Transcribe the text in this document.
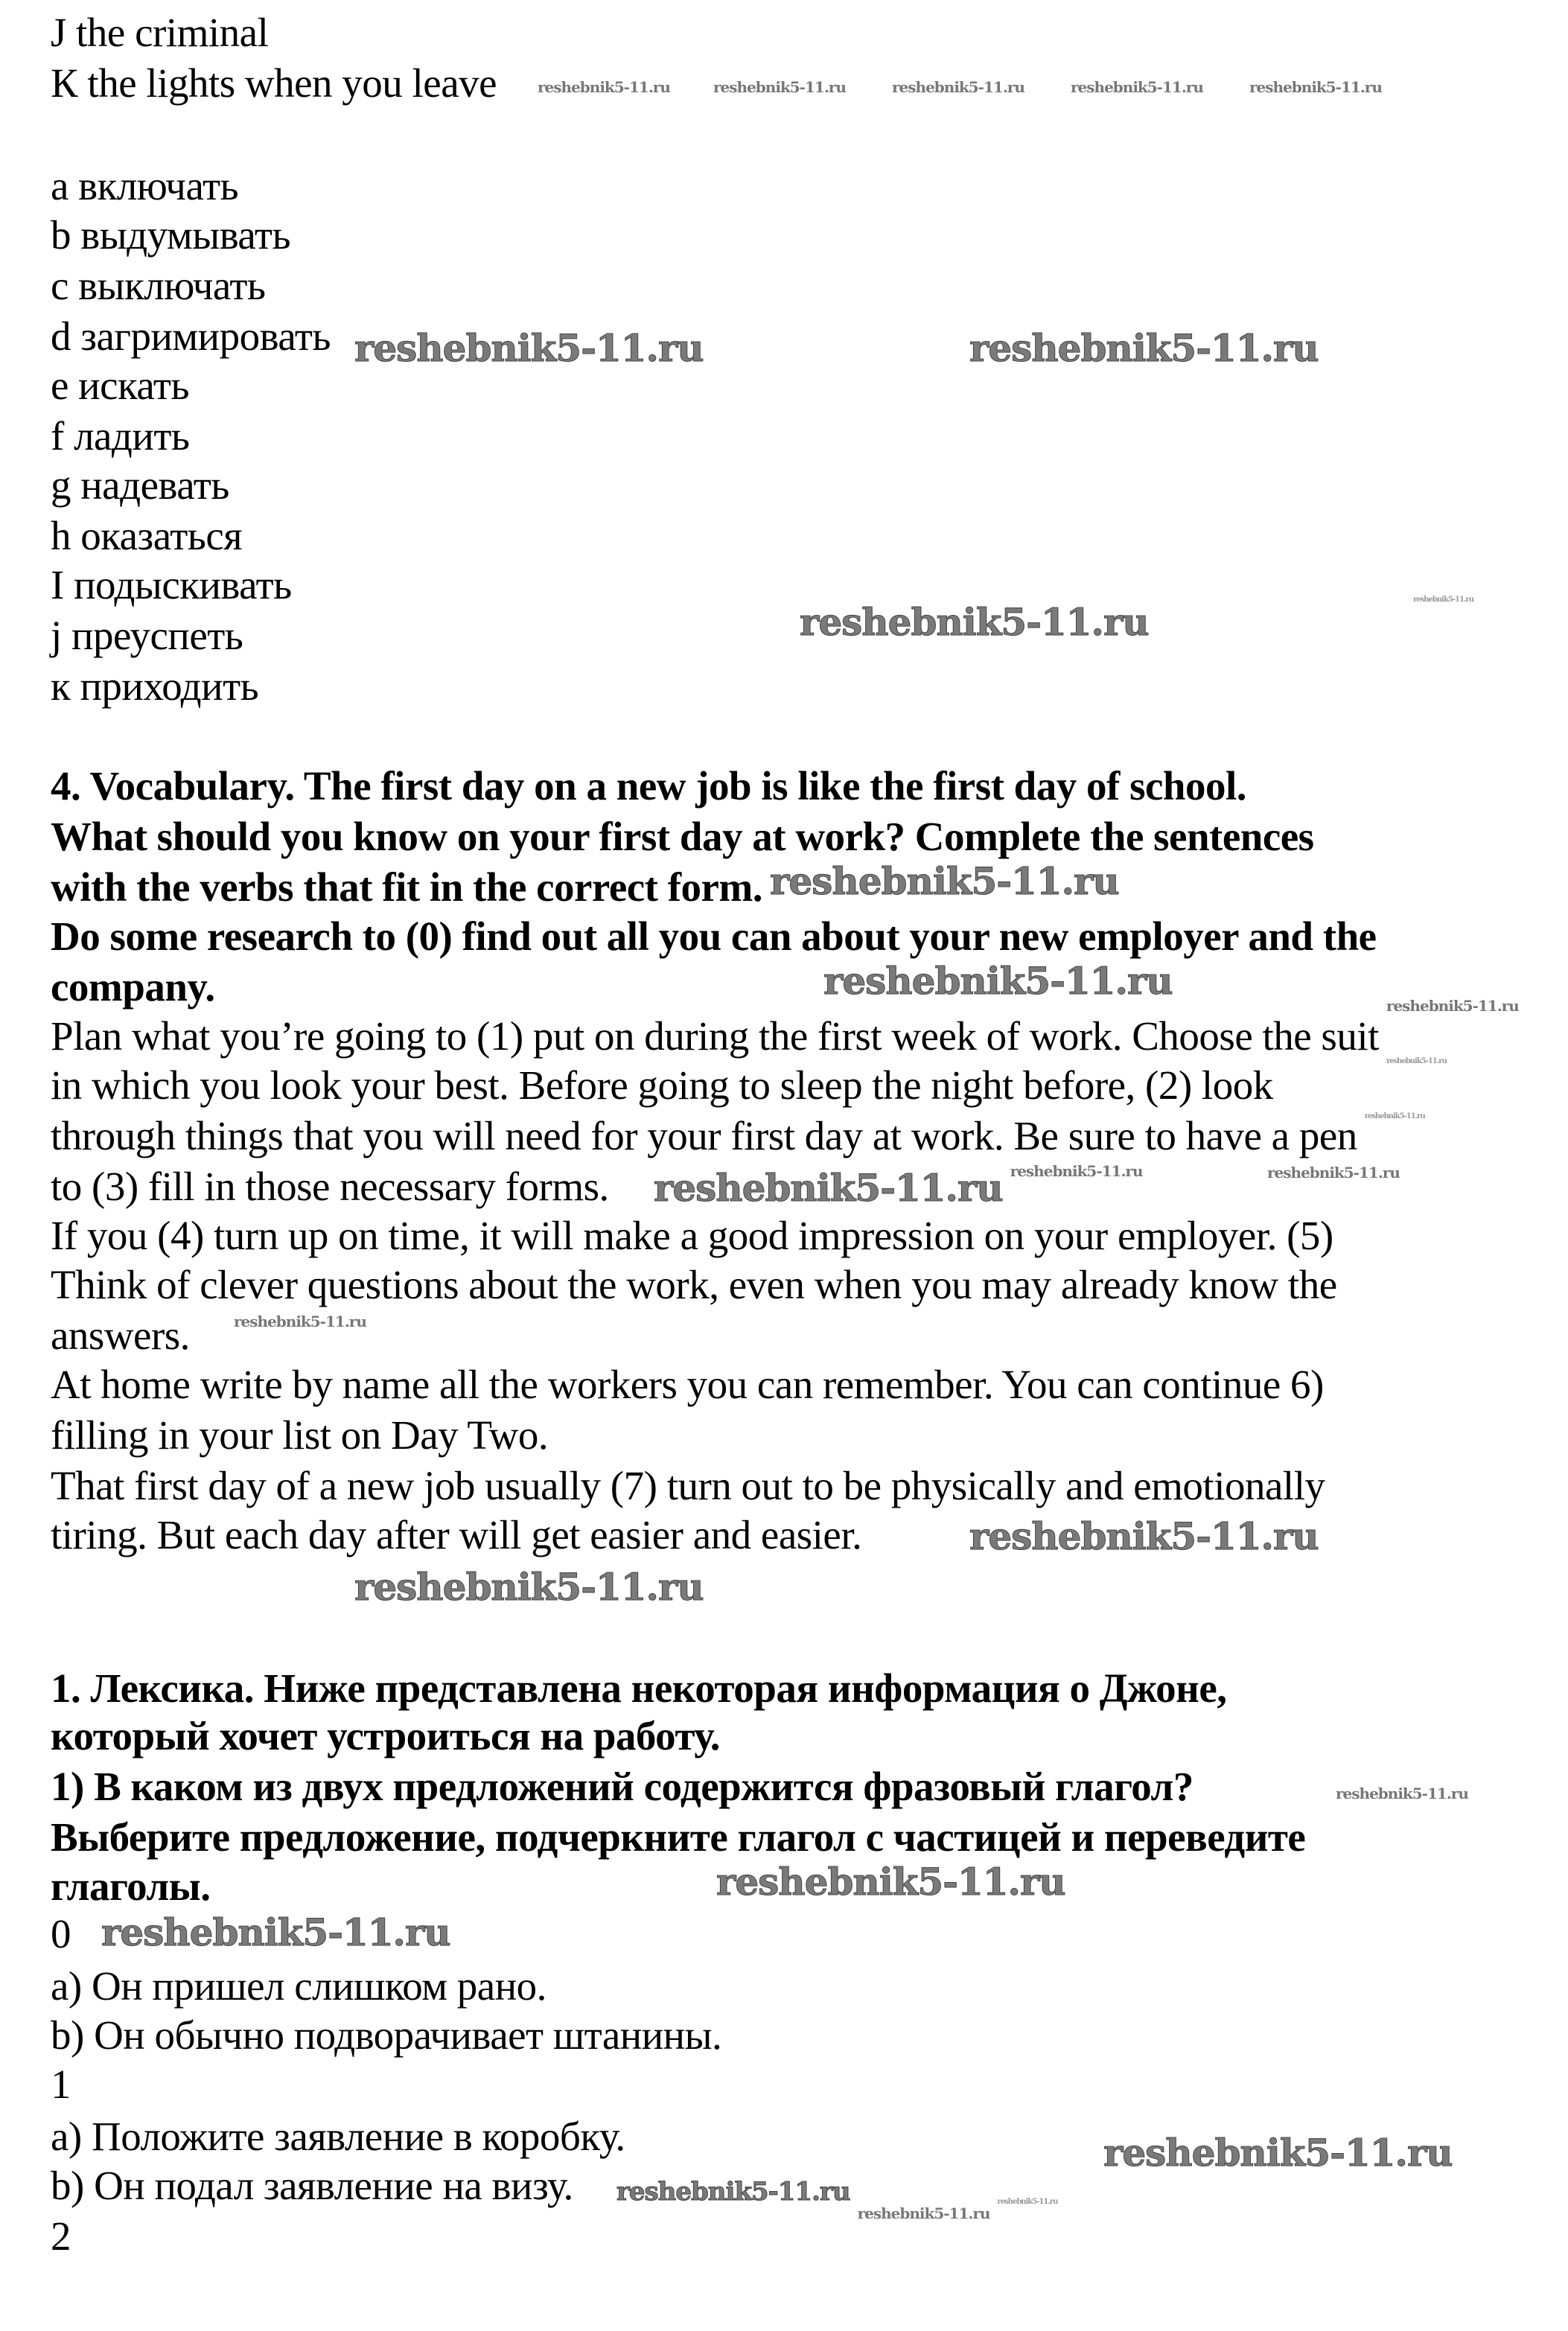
J the criminal
К the lights when you leave
a включать
b выдумывать
c выключать
d загримировать
e искать
f ладить
g надевать
h оказаться
I подыскивать
j преуспеть
к приходить
4. Vocabulary. The first day on a new job is like the first day of school.
What should you know on your first day at work? Complete the sentences
with the verbs that fit in the correct form.
Do some research to (0) find out all you can about your new employer and the
company.
Plan what you’re going to (1) put on during the first week of work. Choose the suit
in which you look your best. Before going to sleep the night before, (2) look
through things that you will need for your first day at work. Be sure to have a pen
to (3) fill in those necessary forms.
If you (4) turn up on time, it will make a good impression on your employer. (5)
Think of clever questions about the work, even when you may already know the
answers.
At home write by name all the workers you can remember. You can continue 6)
filling in your list on Day Two.
That first day of a new job usually (7) turn out to be physically and emotionally
tiring. But each day after will get easier and easier.
1. Лексика. Ниже представлена некоторая информация о Джоне,
который хочет устроиться на работу.
1) В каком из двух предложений содержится фразовый глагол?
Выберите предложение, подчеркните глагол с частицей и переведите
глаголы.
0
a) Он пришел слишком рано.
b) Он обычно подворачивает штанины.
1
a) Положите заявление в коробку.
b) Он подал заявление на визу.
2
reshebnik5-11.ru	reshebnik5-11.ru
reshebnik5-11.ru
reshebnik5-11.ru
reshebnik5-11.ru
reshebnik5-11.ru
reshebnik5-11.ru
reshebnik5-11.ru
reshebnik5-11.ru
reshebnik5-11.ru
reshebnik5-11.ru
reshebnik5-11.ru
reshebnik5-11.ru	reshebnik5-11.ru	reshebnik5-11.ru	reshebnik5-11.ru	reshebnik5-11.ru
reshebnik5-11.ru
reshebnik5-11.ru
reshebnik5-11.ru
reshebnik5-11.ru
reshebnik5-11.ru	reshebnik5-11.ru
reshebnik5-11.ru
reshebnik5-11.ru
reshebnik5-11.ru
reshebnik5-11.ru
